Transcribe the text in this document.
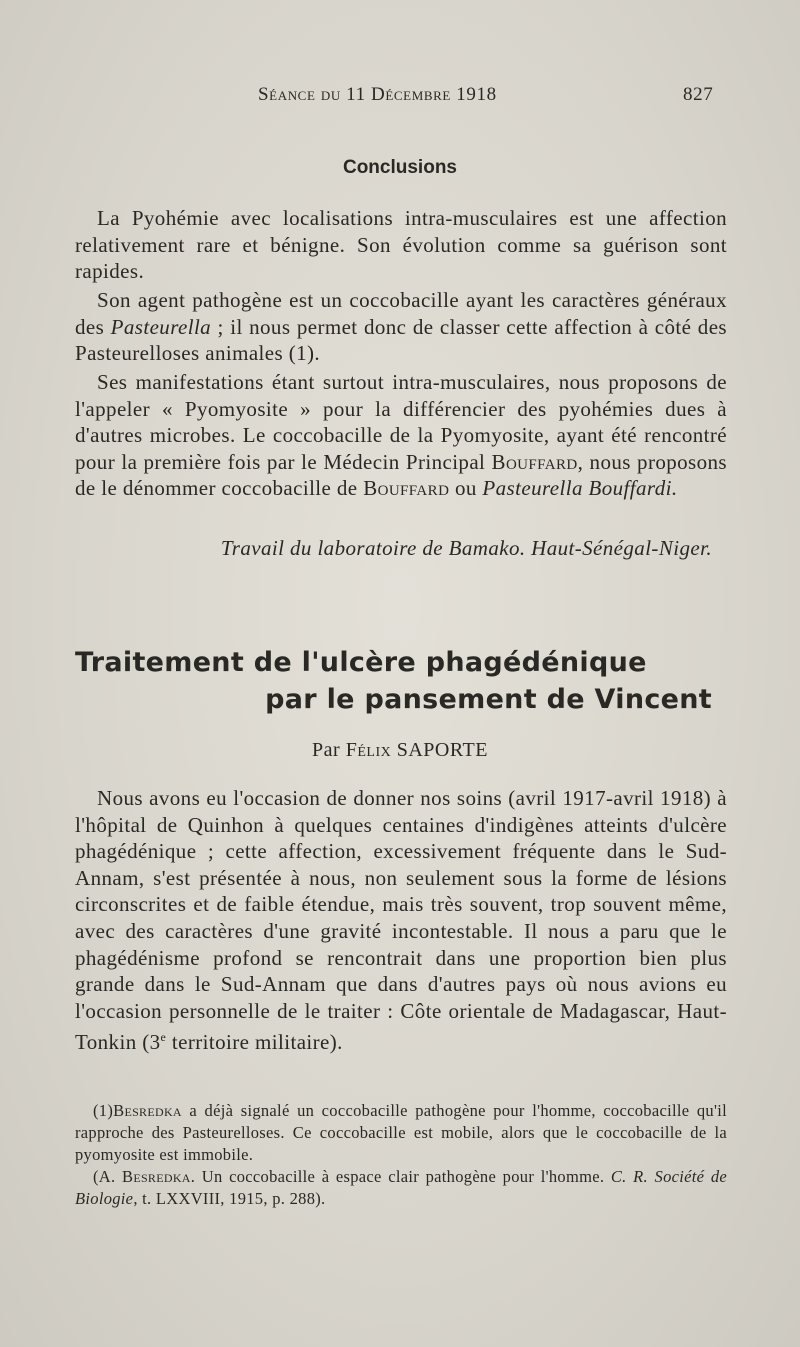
Séance du 11 Décembre 1918	827
Conclusions

La Pyohémie avec localisations intra-musculaires est une affection relativement rare et bénigne. Son évolution comme sa guérison sont rapides.

Son agent pathogène est un coccobacille ayant les caractères généraux des Pasteurella ; il nous permet donc de classer cette affection à côté des Pasteurelloses animales (1).

Ses manifestations étant surtout intra-musculaires, nous proposons de l'appeler « Pyomyosite » pour la différencier des pyohémies dues à d'autres microbes. Le coccobacille de la Pyomyosite, ayant été rencontré pour la première fois par le Médecin Principal Bouffard, nous proposons de le dénommer coccobacille de Bouffard ou Pasteurella Bouffardi.

Travail du laboratoire de Bamako. Haut-Sénégal-Niger.
Traitement de l'ulcère phagédénique
par le pansement de Vincent
Par Félix SAPORTE

Nous avons eu l'occasion de donner nos soins (avril 1917-avril 1918) à l'hôpital de Quinhon à quelques centaines d'indigènes atteints d'ulcère phagédénique ; cette affection, excessivement fréquente dans le Sud-Annam, s'est présentée à nous, non seulement sous la forme de lésions circonscrites et de faible étendue, mais très souvent, trop souvent même, avec des caractères d'une gravité incontestable. Il nous a paru que le phagédénisme profond se rencontrait dans une proportion bien plus grande dans le Sud-Annam que dans d'autres pays où nous avions eu l'occasion personnelle de le traiter : Côte orientale de Madagascar, Haut-Tonkin (3e territoire militaire).

(1)Besredka a déjà signalé un coccobacille pathogène pour l'homme, coccobacille qu'il rapproche des Pasteurelloses. Ce coccobacille est mobile, alors que le coccobacille de la pyomyosite est immobile.

(A. Besredka. Un coccobacille à espace clair pathogène pour l'homme. C. R. Société de Biologie, t. LXXVIII, 1915, p. 288).
